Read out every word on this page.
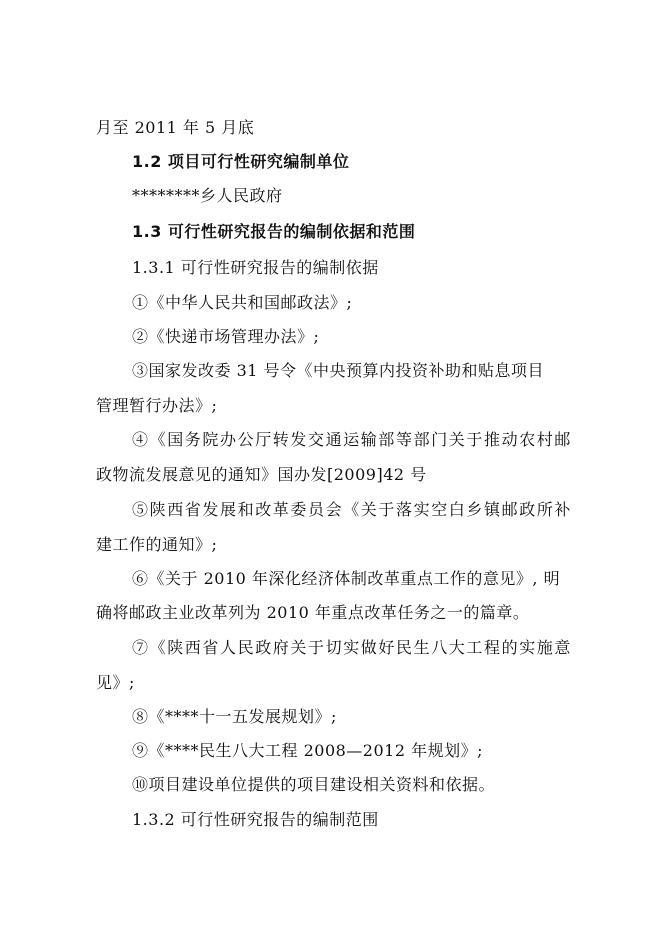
月至 2011 年 5 月底
1.2 项目可行性研究编制单位
********乡人民政府
1.3 可行性研究报告的编制依据和范围
1.3.1 可行性研究报告的编制依据
①《中华人民共和国邮政法》;
②《快递市场管理办法》;
③国家发改委 31 号令《中央预算内投资补助和贴息项目
管理暂行办法》;
④《国务院办公厅转发交通运输部等部门关于推动农村邮
政物流发展意见的通知》国办发[2009]42 号
⑤陕西省发展和改革委员会《关于落实空白乡镇邮政所补
建工作的通知》;
⑥《关于 2010 年深化经济体制改革重点工作的意见》, 明
确将邮政主业改革列为 2010 年重点改革任务之一的篇章。
⑦《陕西省人民政府关于切实做好民生八大工程的实施意
见》;
⑧《****十一五发展规划》;
⑨《****民生八大工程 2008—2012 年规划》;
⑩项目建设单位提供的项目建设相关资料和依据。
1.3.2 可行性研究报告的编制范围
